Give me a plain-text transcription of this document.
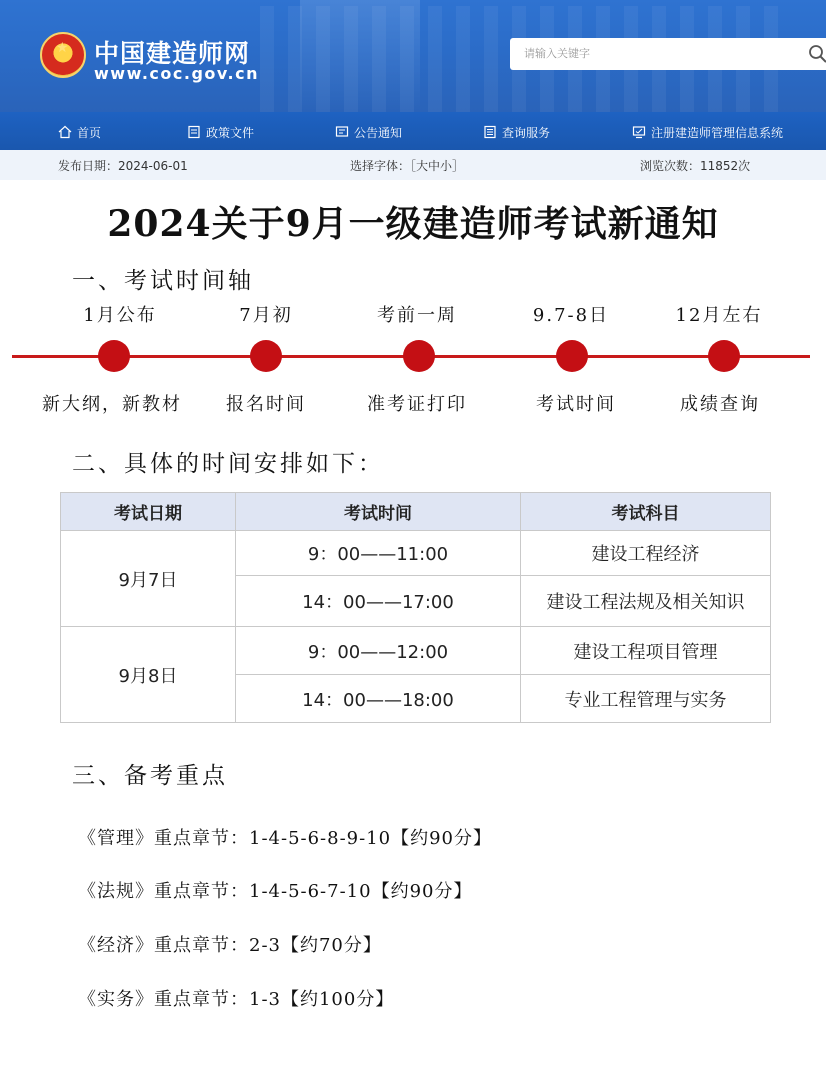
★
中国建造师网
www.coc.gov.cn
请输入关键字
首页	政策文件	公告通知	查询服务	注册建造师管理信息系统
发布日期：2024-06-01	选择字体：［大中小］	浏览次数：11852次
2024关于9月一级建造师考试新通知
一、考试时间轴
1月公布	7月初	考前一周	9.7-8日	12月左右
新大纲，新教材	报名时间	准考证打印	考试时间	成绩查询
二、具体的时间安排如下：
考试日期	考试时间	考试科目
9月7日
9：00——11:00	建设工程经济
14：00——17:00	建设工程法规及相关知识
9月8日
9：00——12:00	建设工程项目管理
14：00——18:00	专业工程管理与实务
三、备考重点
《管理》重点章节：1-4-5-6-8-9-10【约90分】
《法规》重点章节：1-4-5-6-7-10【约90分】
《经济》重点章节：2-3【约70分】
《实务》重点章节：1-3【约100分】
